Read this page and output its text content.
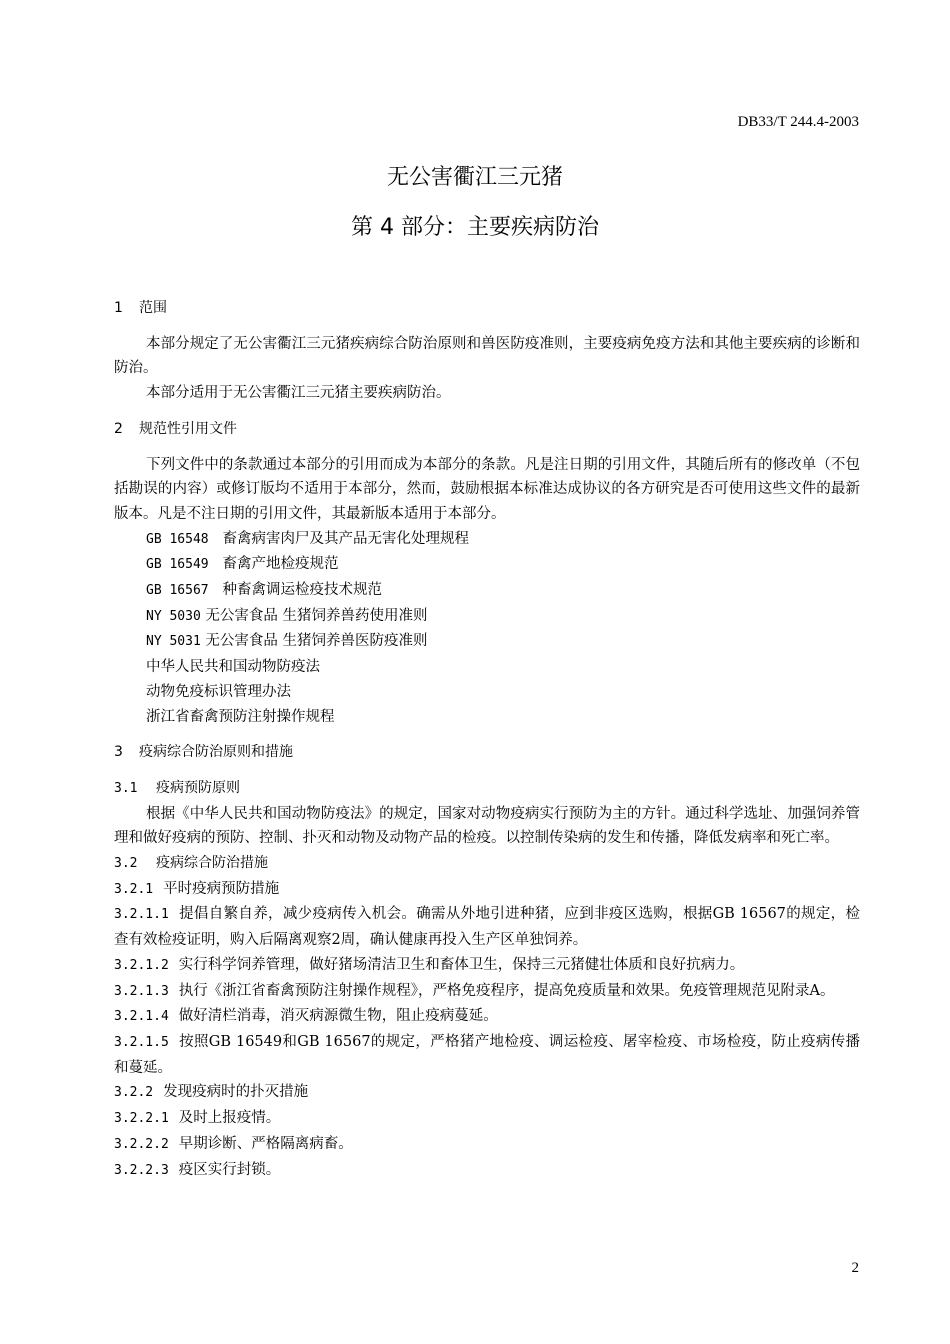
DB33/T 244.4-2003
无公害衢江三元猪
第 4 部分：主要疾病防治

1 范围

本部分规定了无公害衢江三元猪疾病综合防治原则和兽医防疫准则，主要疫病免疫方法和其他主要疾病的诊断和防治。

本部分适用于无公害衢江三元猪主要疾病防治。

2 规范性引用文件

下列文件中的条款通过本部分的引用而成为本部分的条款。凡是注日期的引用文件，其随后所有的修改单（不包括勘误的内容）或修订版均不适用于本部分，然而，鼓励根据本标准达成协议的各方研究是否可使用这些文件的最新版本。凡是不注日期的引用文件，其最新版本适用于本部分。

GB 16548 畜禽病害肉尸及其产品无害化处理规程

GB 16549 畜禽产地检疫规范

GB 16567 种畜禽调运检疫技术规范

NY 5030 无公害食品 生猪饲养兽药使用准则

NY 5031 无公害食品 生猪饲养兽医防疫准则

中华人民共和国动物防疫法

动物免疫标识管理办法

浙江省畜禽预防注射操作规程

3 疫病综合防治原则和措施

3.1 疫病预防原则

根据《中华人民共和国动物防疫法》的规定，国家对动物疫病实行预防为主的方针。通过科学选址、加强饲养管理和做好疫病的预防、控制、扑灭和动物及动物产品的检疫。以控制传染病的发生和传播，降低发病率和死亡率。

3.2 疫病综合防治措施

3.2.1 平时疫病预防措施

3.2.1.1 提倡自繁自养，减少疫病传入机会。确需从外地引进种猪，应到非疫区选购，根据GB 16567的规定，检查有效检疫证明，购入后隔离观察2周，确认健康再投入生产区单独饲养。

3.2.1.2 实行科学饲养管理，做好猪场清洁卫生和畜体卫生，保持三元猪健壮体质和良好抗病力。

3.2.1.3 执行《浙江省畜禽预防注射操作规程》，严格免疫程序，提高免疫质量和效果。免疫管理规范见附录A。

3.2.1.4 做好清栏消毒，消灭病源微生物，阻止疫病蔓延。

3.2.1.5 按照GB 16549和GB 16567的规定，严格猪产地检疫、调运检疫、屠宰检疫、市场检疫，防止疫病传播和蔓延。

3.2.2 发现疫病时的扑灭措施

3.2.2.1 及时上报疫情。

3.2.2.2 早期诊断、严格隔离病畜。

3.2.2.3 疫区实行封锁。

2
